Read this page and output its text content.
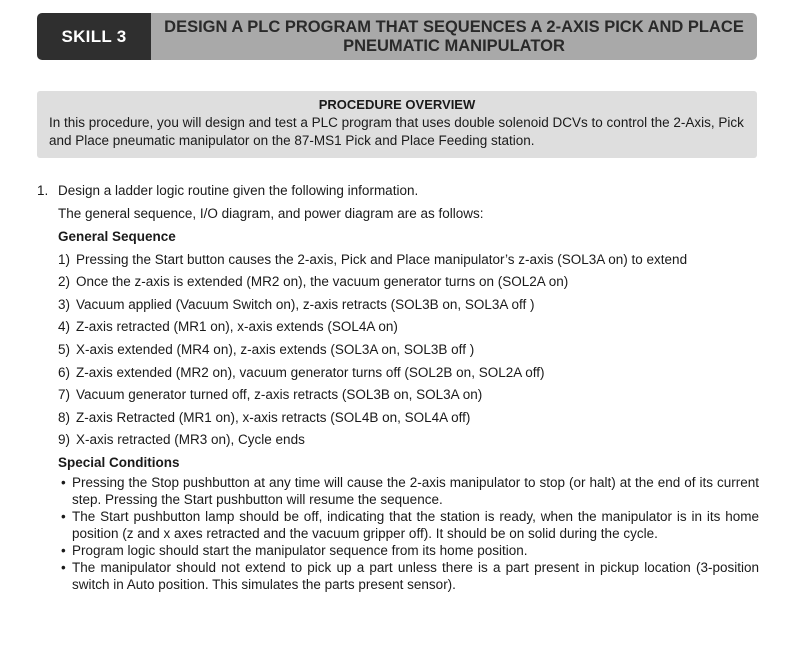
SKILL 3	DESIGN A PLC PROGRAM THAT SEQUENCES A 2-AXIS PICK AND PLACE
PNEUMATIC MANIPULATOR
PROCEDURE OVERVIEW
In this procedure, you will design and test a PLC program that uses double solenoid DCVs to control the 2-Axis, Pick and Place pneumatic manipulator on the 87-MS1 Pick and Place Feeding station.
1. Design a ladder logic routine given the following information.
The general sequence, I/O diagram, and power diagram are as follows:
General Sequence
1) Pressing the Start button causes the 2-axis, Pick and Place manipulator’s z-axis (SOL3A on) to extend
2) Once the z-axis is extended (MR2 on), the vacuum generator turns on (SOL2A on)
3) Vacuum applied (Vacuum Switch on), z-axis retracts (SOL3B on, SOL3A off )
4) Z-axis retracted (MR1 on), x-axis extends (SOL4A on)
5) X-axis extended (MR4 on), z-axis extends (SOL3A on, SOL3B off )
6) Z-axis extended (MR2 on), vacuum generator turns off (SOL2B on, SOL2A off)
7) Vacuum generator turned off, z-axis retracts (SOL3B on, SOL3A on)
8) Z-axis Retracted (MR1 on), x-axis retracts (SOL4B on, SOL4A off)
9) X-axis retracted (MR3 on), Cycle ends
Special Conditions
• Pressing the Stop pushbutton at any time will cause the 2-axis manipulator to stop (or halt) at the end of its current step. Pressing the Start pushbutton will resume the sequence.
• The Start pushbutton lamp should be off, indicating that the station is ready, when the manipulator is in its home position (z and x axes retracted and the vacuum gripper off). It should be on solid during the cycle.
• Program logic should start the manipulator sequence from its home position.
• The manipulator should not extend to pick up a part unless there is a part present in pickup location (3-position switch in Auto position. This simulates the parts present sensor).
